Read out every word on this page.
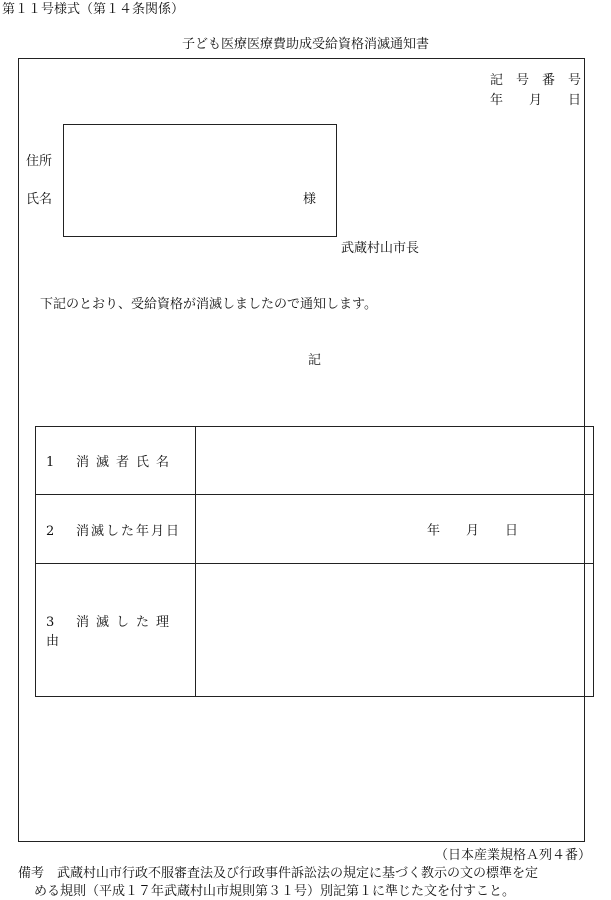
第１１号様式（第１４条関係）
子ども医療医療費助成受給資格消滅通知書
記　号　番　号
年　　月　　日
住所
氏名	様
武蔵村山市長
下記のとおり、受給資格が消滅しましたので通知します。
記
1 消滅者氏名	
2 消滅した年月日	年　　月　　日

3 消滅した理由	
（日本産業規格Ａ列４番）
備考　武蔵村山市行政不服審査法及び行政事件訴訟法の規定に基づく教示の文の標準を定
める規則（平成１７年武蔵村山市規則第３１号）別記第１に準じた文を付すこと。
